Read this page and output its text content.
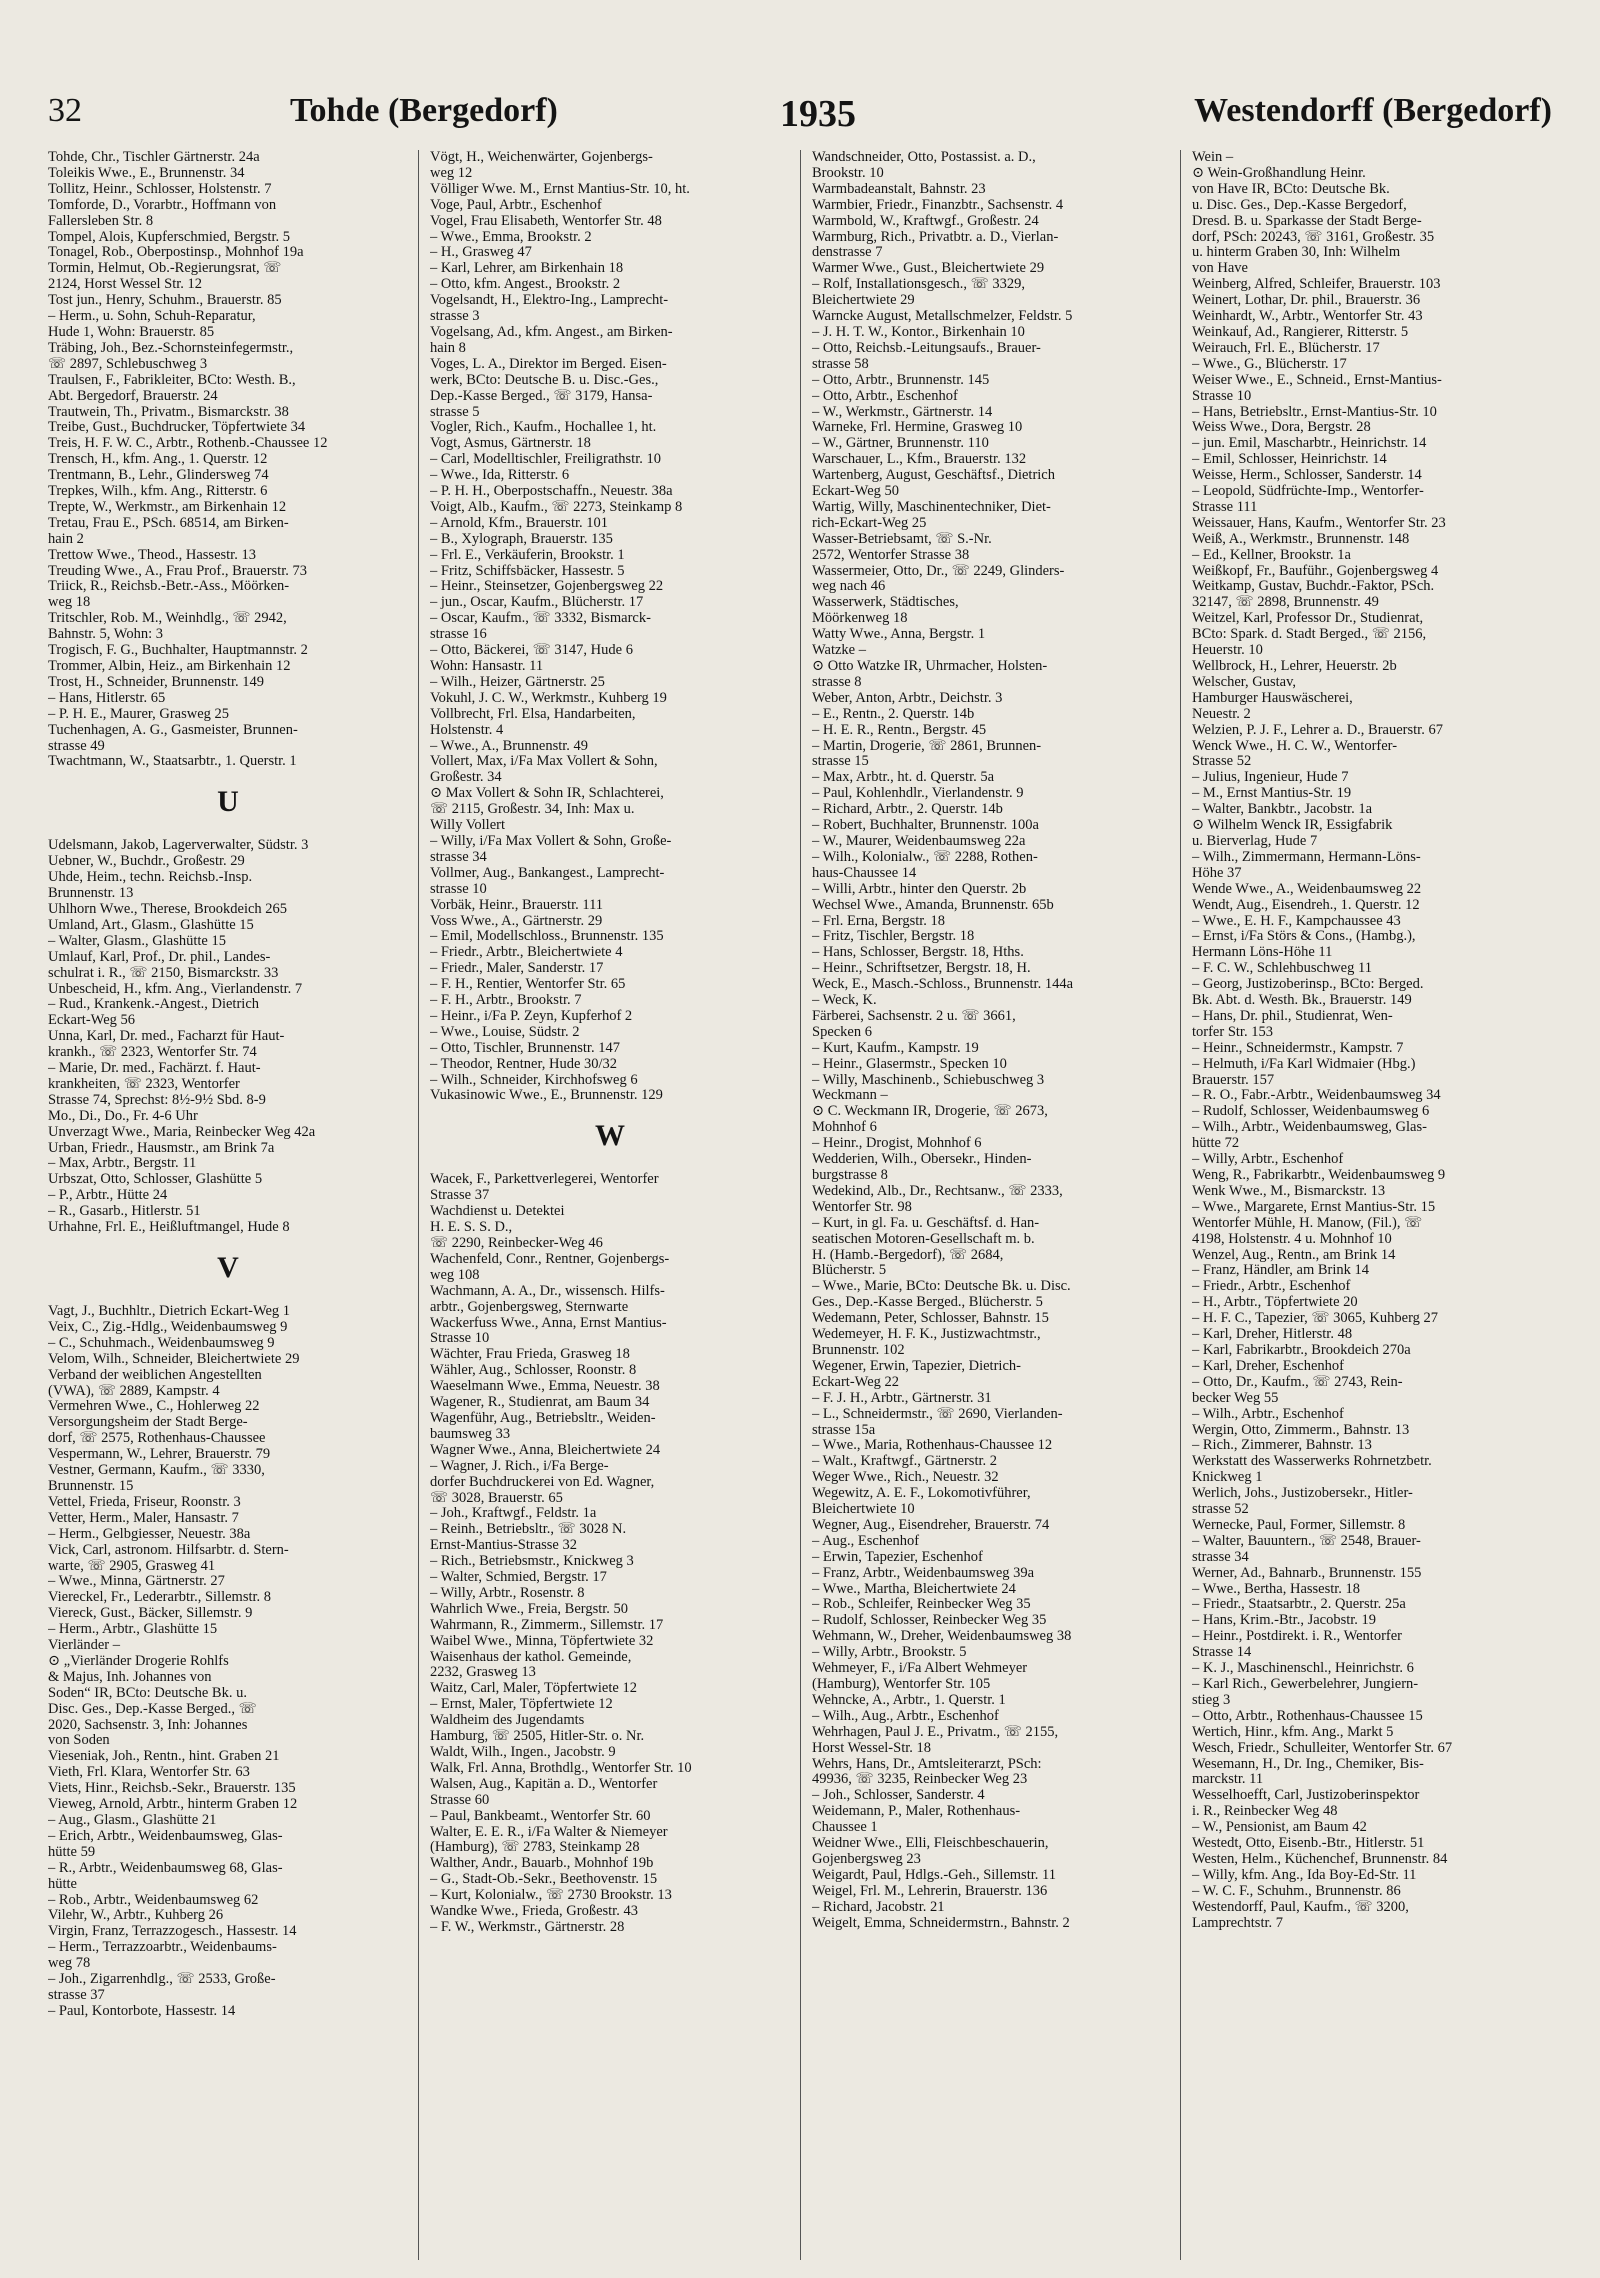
32	Tohde (Bergedorf)	1935	Westendorff (Bergedorf)
Tohde, Chr., Tischler Gärtnerstr. 24a
Toleikis Wwe., E., Brunnenstr. 34
Tollitz, Heinr., Schlosser, Holstenstr. 7
Tomforde, D., Vorarbtr., Hoffmann von
Fallersleben Str. 8
Tompel, Alois, Kupferschmied, Bergstr. 5
Tonagel, Rob., Oberpostinsp., Mohnhof 19a
Tormin, Helmut, Ob.-Regierungsrat, ☏
2124, Horst Wessel Str. 12
Tost jun., Henry, Schuhm., Brauerstr. 85
– Herm., u. Sohn, Schuh-Reparatur,
Hude 1, Wohn: Brauerstr. 85
Träbing, Joh., Bez.-Schornsteinfegermstr.,
☏ 2897, Schlebuschweg 3
Traulsen, F., Fabrikleiter, BCto: Westh. B.,
Abt. Bergedorf, Brauerstr. 24
Trautwein, Th., Privatm., Bismarckstr. 38
Treibe, Gust., Buchdrucker, Töpfertwiete 34
Treis, H. F. W. C., Arbtr., Rothenb.-Chaussee 12
Trensch, H., kfm. Ang., 1. Querstr. 12
Trentmann, B., Lehr., Glindersweg 74
Trepkes, Wilh., kfm. Ang., Ritterstr. 6
Trepte, W., Werkmstr., am Birkenhain 12
Tretau, Frau E., PSch. 68514, am Birken-
hain 2
Trettow Wwe., Theod., Hassestr. 13
Treuding Wwe., A., Frau Prof., Brauerstr. 73
Triick, R., Reichsb.-Betr.-Ass., Möörken-
weg 18
Tritschler, Rob. M., Weinhdlg., ☏ 2942,
Bahnstr. 5, Wohn: 3
Trogisch, F. G., Buchhalter, Hauptmannstr. 2
Trommer, Albin, Heiz., am Birkenhain 12
Trost, H., Schneider, Brunnenstr. 149
– Hans, Hitlerstr. 65
– P. H. E., Maurer, Grasweg 25
Tuchenhagen, A. G., Gasmeister, Brunnen-
strasse 49
Twachtmann, W., Staatsarbtr., 1. Querstr. 1
U
Udelsmann, Jakob, Lagerverwalter, Südstr. 3
Uebner, W., Buchdr., Großestr. 29
Uhde, Heim., techn. Reichsb.-Insp.
Brunnenstr. 13
Uhlhorn Wwe., Therese, Brookdeich 265
Umland, Art., Glasm., Glashütte 15
– Walter, Glasm., Glashütte 15
Umlauf, Karl, Prof., Dr. phil., Landes-
schulrat i. R., ☏ 2150, Bismarckstr. 33
Unbescheid, H., kfm. Ang., Vierlandenstr. 7
– Rud., Krankenk.-Angest., Dietrich
Eckart-Weg 56
Unna, Karl, Dr. med., Facharzt für Haut-
krankh., ☏ 2323, Wentorfer Str. 74
– Marie, Dr. med., Fachärzt. f. Haut-
krankheiten, ☏ 2323, Wentorfer
Strasse 74, Sprechst: 8½-9½ Sbd. 8-9
Mo., Di., Do., Fr. 4-6 Uhr
Unverzagt Wwe., Maria, Reinbecker Weg 42a
Urban, Friedr., Hausmstr., am Brink 7a
– Max, Arbtr., Bergstr. 11
Urbszat, Otto, Schlosser, Glashütte 5
– P., Arbtr., Hütte 24
– R., Gasarb., Hitlerstr. 51
Urhahne, Frl. E., Heißluftmangel, Hude 8
V
Vagt, J., Buchhltr., Dietrich Eckart-Weg 1
Veix, C., Zig.-Hdlg., Weidenbaumsweg 9
– C., Schuhmach., Weidenbaumsweg 9
Velom, Wilh., Schneider, Bleichertwiete 29
Verband der weiblichen Angestellten
(VWA), ☏ 2889, Kampstr. 4
Vermehren Wwe., C., Hohlerweg 22
Versorgungsheim der Stadt Berge-
dorf, ☏ 2575, Rothenhaus-Chaussee
Vespermann, W., Lehrer, Brauerstr. 79
Vestner, Germann, Kaufm., ☏ 3330,
Brunnenstr. 15
Vettel, Frieda, Friseur, Roonstr. 3
Vetter, Herm., Maler, Hansastr. 7
– Herm., Gelbgiesser, Neuestr. 38a
Vick, Carl, astronom. Hilfsarbtr. d. Stern-
warte, ☏ 2905, Grasweg 41
– Wwe., Minna, Gärtnerstr. 27
Viereckel, Fr., Lederarbtr., Sillemstr. 8
Viereck, Gust., Bäcker, Sillemstr. 9
– Herm., Arbtr., Glashütte 15
Vierländer –
⊙ „Vierländer Drogerie Rohlfs
& Majus, Inh. Johannes von
Soden“ IR, BCto: Deutsche Bk. u.
Disc. Ges., Dep.-Kasse Berged., ☏
2020, Sachsenstr. 3, Inh: Johannes
von Soden
Vieseniak, Joh., Rentn., hint. Graben 21
Vieth, Frl. Klara, Wentorfer Str. 63
Viets, Hinr., Reichsb.-Sekr., Brauerstr. 135
Vieweg, Arnold, Arbtr., hinterm Graben 12
– Aug., Glasm., Glashütte 21
– Erich, Arbtr., Weidenbaumsweg, Glas-
hütte 59
– R., Arbtr., Weidenbaumsweg 68, Glas-
hütte
– Rob., Arbtr., Weidenbaumsweg 62
Vilehr, W., Arbtr., Kuhberg 26
Virgin, Franz, Terrazzogesch., Hassestr. 14
– Herm., Terrazzoarbtr., Weidenbaums-
weg 78
– Joh., Zigarrenhdlg., ☏ 2533, Große-
strasse 37
– Paul, Kontorbote, Hassestr. 14
Vögt, H., Weichenwärter, Gojenbergs-
weg 12
Völliger Wwe. M., Ernst Mantius-Str. 10, ht.
Voge, Paul, Arbtr., Eschenhof
Vogel, Frau Elisabeth, Wentorfer Str. 48
– Wwe., Emma, Brookstr. 2
– H., Grasweg 47
– Karl, Lehrer, am Birkenhain 18
– Otto, kfm. Angest., Brookstr. 2
Vogelsandt, H., Elektro-Ing., Lamprecht-
strasse 3
Vogelsang, Ad., kfm. Angest., am Birken-
hain 8
Voges, L. A., Direktor im Berged. Eisen-
werk, BCto: Deutsche B. u. Disc.-Ges.,
Dep.-Kasse Berged., ☏ 3179, Hansa-
strasse 5
Vogler, Rich., Kaufm., Hochallee 1, ht.
Vogt, Asmus, Gärtnerstr. 18
– Carl, Modelltischler, Freiligrathstr. 10
– Wwe., Ida, Ritterstr. 6
– P. H. H., Oberpostschaffn., Neuestr. 38a
Voigt, Alb., Kaufm., ☏ 2273, Steinkamp 8
– Arnold, Kfm., Brauerstr. 101
– B., Xylograph, Brauerstr. 135
– Frl. E., Verkäuferin, Brookstr. 1
– Fritz, Schiffsbäcker, Hassestr. 5
– Heinr., Steinsetzer, Gojenbergsweg 22
– jun., Oscar, Kaufm., Blücherstr. 17
– Oscar, Kaufm., ☏ 3332, Bismarck-
strasse 16
– Otto, Bäckerei, ☏ 3147, Hude 6
Wohn: Hansastr. 11
– Wilh., Heizer, Gärtnerstr. 25
Vokuhl, J. C. W., Werkmstr., Kuhberg 19
Vollbrecht, Frl. Elsa, Handarbeiten,
Holstenstr. 4
– Wwe., A., Brunnenstr. 49
Vollert, Max, i/Fa Max Vollert & Sohn,
Großestr. 34
⊙ Max Vollert & Sohn IR, Schlachterei,
☏ 2115, Großestr. 34, Inh: Max u.
Willy Vollert
– Willy, i/Fa Max Vollert & Sohn, Große-
strasse 34
Vollmer, Aug., Bankangest., Lamprecht-
strasse 10
Vorbäk, Heinr., Brauerstr. 111
Voss Wwe., A., Gärtnerstr. 29
– Emil, Modellschloss., Brunnenstr. 135
– Friedr., Arbtr., Bleichertwiete 4
– Friedr., Maler, Sanderstr. 17
– F. H., Rentier, Wentorfer Str. 65
– F. H., Arbtr., Brookstr. 7
– Heinr., i/Fa P. Zeyn, Kupferhof 2
– Wwe., Louise, Südstr. 2
– Otto, Tischler, Brunnenstr. 147
– Theodor, Rentner, Hude 30/32
– Wilh., Schneider, Kirchhofsweg 6
Vukasinowic Wwe., E., Brunnenstr. 129
W
Wacek, F., Parkettverlegerei, Wentorfer
Strasse 37
Wachdienst u. Detektei
H. E. S. S. D.,
☏ 2290, Reinbecker-Weg 46
Wachenfeld, Conr., Rentner, Gojenbergs-
weg 108
Wachmann, A. A., Dr., wissensch. Hilfs-
arbtr., Gojenbergsweg, Sternwarte
Wackerfuss Wwe., Anna, Ernst Mantius-
Strasse 10
Wächter, Frau Frieda, Grasweg 18
Wähler, Aug., Schlosser, Roonstr. 8
Waeselmann Wwe., Emma, Neuestr. 38
Wagener, R., Studienrat, am Baum 34
Wagenführ, Aug., Betriebsltr., Weiden-
baumsweg 33
Wagner Wwe., Anna, Bleichertwiete 24
– Wagner, J. Rich., i/Fa Berge-
dorfer Buchdruckerei von Ed. Wagner,
☏ 3028, Brauerstr. 65
– Joh., Kraftwgf., Feldstr. 1a
– Reinh., Betriebsltr., ☏ 3028 N.
Ernst-Mantius-Strasse 32
– Rich., Betriebsmstr., Knickweg 3
– Walter, Schmied, Bergstr. 17
– Willy, Arbtr., Rosenstr. 8
Wahrlich Wwe., Freia, Bergstr. 50
Wahrmann, R., Zimmerm., Sillemstr. 17
Waibel Wwe., Minna, Töpfertwiete 32
Waisenhaus der kathol. Gemeinde,
2232, Grasweg 13
Waitz, Carl, Maler, Töpfertwiete 12
– Ernst, Maler, Töpfertwiete 12
Waldheim des Jugendamts
Hamburg, ☏ 2505, Hitler-Str. o. Nr.
Waldt, Wilh., Ingen., Jacobstr. 9
Walk, Frl. Anna, Brothdlg., Wentorfer Str. 10
Walsen, Aug., Kapitän a. D., Wentorfer
Strasse 60
– Paul, Bankbeamt., Wentorfer Str. 60
Walter, E. E. R., i/Fa Walter & Niemeyer
(Hamburg), ☏ 2783, Steinkamp 28
Walther, Andr., Bauarb., Mohnhof 19b
– G., Stadt-Ob.-Sekr., Beethovenstr. 15
– Kurt, Kolonialw., ☏ 2730 Brookstr. 13
Wandke Wwe., Frieda, Großestr. 43
– F. W., Werkmstr., Gärtnerstr. 28
Wandschneider, Otto, Postassist. a. D.,
Brookstr. 10
Warmbadeanstalt, Bahnstr. 23
Warmbier, Friedr., Finanzbtr., Sachsenstr. 4
Warmbold, W., Kraftwgf., Großestr. 24
Warmburg, Rich., Privatbtr. a. D., Vierlan-
denstrasse 7
Warmer Wwe., Gust., Bleichertwiete 29
– Rolf, Installationsgesch., ☏ 3329,
Bleichertwiete 29
Warncke August, Metallschmelzer, Feldstr. 5
– J. H. T. W., Kontor., Birkenhain 10
– Otto, Reichsb.-Leitungsaufs., Brauer-
strasse 58
– Otto, Arbtr., Brunnenstr. 145
– Otto, Arbtr., Eschenhof
– W., Werkmstr., Gärtnerstr. 14
Warneke, Frl. Hermine, Grasweg 10
– W., Gärtner, Brunnenstr. 110
Warschauer, L., Kfm., Brauerstr. 132
Wartenberg, August, Geschäftsf., Dietrich
Eckart-Weg 50
Wartig, Willy, Maschinentechniker, Diet-
rich-Eckart-Weg 25
Wasser-Betriebsamt, ☏ S.-Nr.
2572, Wentorfer Strasse 38
Wassermeier, Otto, Dr., ☏ 2249, Glinders-
weg nach 46
Wasserwerk, Städtisches,
Möörkenweg 18
Watty Wwe., Anna, Bergstr. 1
Watzke –
⊙ Otto Watzke IR, Uhrmacher, Holsten-
strasse 8
Weber, Anton, Arbtr., Deichstr. 3
– E., Rentn., 2. Querstr. 14b
– H. E. R., Rentn., Bergstr. 45
– Martin, Drogerie, ☏ 2861, Brunnen-
strasse 15
– Max, Arbtr., ht. d. Querstr. 5a
– Paul, Kohlenhdlr., Vierlandenstr. 9
– Richard, Arbtr., 2. Querstr. 14b
– Robert, Buchhalter, Brunnenstr. 100a
– W., Maurer, Weidenbaumsweg 22a
– Wilh., Kolonialw., ☏ 2288, Rothen-
haus-Chaussee 14
– Willi, Arbtr., hinter den Querstr. 2b
Wechsel Wwe., Amanda, Brunnenstr. 65b
– Frl. Erna, Bergstr. 18
– Fritz, Tischler, Bergstr. 18
– Hans, Schlosser, Bergstr. 18, Hths.
– Heinr., Schriftsetzer, Bergstr. 18, H.
Weck, E., Masch.-Schloss., Brunnenstr. 144a
– Weck, K.
Färberei, Sachsenstr. 2 u. ☏ 3661,
Specken 6
– Kurt, Kaufm., Kampstr. 19
– Heinr., Glasermstr., Specken 10
– Willy, Maschinenb., Schiebuschweg 3
Weckmann –
⊙ C. Weckmann IR, Drogerie, ☏ 2673,
Mohnhof 6
– Heinr., Drogist, Mohnhof 6
Wedderien, Wilh., Obersekr., Hinden-
burgstrasse 8
Wedekind, Alb., Dr., Rechtsanw., ☏ 2333,
Wentorfer Str. 98
– Kurt, in gl. Fa. u. Geschäftsf. d. Han-
seatischen Motoren-Gesellschaft m. b.
H. (Hamb.-Bergedorf), ☏ 2684,
Blücherstr. 5
– Wwe., Marie, BCto: Deutsche Bk. u. Disc.
Ges., Dep.-Kasse Berged., Blücherstr. 5
Wedemann, Peter, Schlosser, Bahnstr. 15
Wedemeyer, H. F. K., Justizwachtmstr.,
Brunnenstr. 102
Wegener, Erwin, Tapezier, Dietrich-
Eckart-Weg 22
– F. J. H., Arbtr., Gärtnerstr. 31
– L., Schneidermstr., ☏ 2690, Vierlanden-
strasse 15a
– Wwe., Maria, Rothenhaus-Chaussee 12
– Walt., Kraftwgf., Gärtnerstr. 2
Weger Wwe., Rich., Neuestr. 32
Wegewitz, A. E. F., Lokomotivführer,
Bleichertwiete 10
Wegner, Aug., Eisendreher, Brauerstr. 74
– Aug., Eschenhof
– Erwin, Tapezier, Eschenhof
– Franz, Arbtr., Weidenbaumsweg 39a
– Wwe., Martha, Bleichertwiete 24
– Rob., Schleifer, Reinbecker Weg 35
– Rudolf, Schlosser, Reinbecker Weg 35
Wehmann, W., Dreher, Weidenbaumsweg 38
– Willy, Arbtr., Brookstr. 5
Wehmeyer, F., i/Fa Albert Wehmeyer
(Hamburg), Wentorfer Str. 105
Wehncke, A., Arbtr., 1. Querstr. 1
– Wilh., Aug., Arbtr., Eschenhof
Wehrhagen, Paul J. E., Privatm., ☏ 2155,
Horst Wessel-Str. 18
Wehrs, Hans, Dr., Amtsleiterarzt, PSch:
49936, ☏ 3235, Reinbecker Weg 23
– Joh., Schlosser, Sanderstr. 4
Weidemann, P., Maler, Rothenhaus-
Chaussee 1
Weidner Wwe., Elli, Fleischbeschauerin,
Gojenbergsweg 23
Weigardt, Paul, Hdlgs.-Geh., Sillemstr. 11
Weigel, Frl. M., Lehrerin, Brauerstr. 136
– Richard, Jacobstr. 21
Weigelt, Emma, Schneidermstrn., Bahnstr. 2
Wein –
⊙ Wein-Großhandlung Heinr.
von Have IR, BCto: Deutsche Bk.
u. Disc. Ges., Dep.-Kasse Bergedorf,
Dresd. B. u. Sparkasse der Stadt Berge-
dorf, PSch: 20243, ☏ 3161, Großestr. 35
u. hinterm Graben 30, Inh: Wilhelm
von Have
Weinberg, Alfred, Schleifer, Brauerstr. 103
Weinert, Lothar, Dr. phil., Brauerstr. 36
Weinhardt, W., Arbtr., Wentorfer Str. 43
Weinkauf, Ad., Rangierer, Ritterstr. 5
Weirauch, Frl. E., Blücherstr. 17
– Wwe., G., Blücherstr. 17
Weiser Wwe., E., Schneid., Ernst-Mantius-
Strasse 10
– Hans, Betriebsltr., Ernst-Mantius-Str. 10
Weiss Wwe., Dora, Bergstr. 28
– jun. Emil, Mascharbtr., Heinrichstr. 14
– Emil, Schlosser, Heinrichstr. 14
Weisse, Herm., Schlosser, Sanderstr. 14
– Leopold, Südfrüchte-Imp., Wentorfer-
Strasse 111
Weissauer, Hans, Kaufm., Wentorfer Str. 23
Weiß, A., Werkmstr., Brunnenstr. 148
– Ed., Kellner, Brookstr. 1a
Weißkopf, Fr., Bauführ., Gojenbergsweg 4
Weitkamp, Gustav, Buchdr.-Faktor, PSch.
32147, ☏ 2898, Brunnenstr. 49
Weitzel, Karl, Professor Dr., Studienrat,
BCto: Spark. d. Stadt Berged., ☏ 2156,
Heuerstr. 10
Wellbrock, H., Lehrer, Heuerstr. 2b
Welscher, Gustav,
Hamburger Hauswäscherei,
Neuestr. 2
Welzien, P. J. F., Lehrer a. D., Brauerstr. 67
Wenck Wwe., H. C. W., Wentorfer-
Strasse 52
– Julius, Ingenieur, Hude 7
– M., Ernst Mantius-Str. 19
– Walter, Bankbtr., Jacobstr. 1a
⊙ Wilhelm Wenck IR, Essigfabrik
u. Bierverlag, Hude 7
– Wilh., Zimmermann, Hermann-Löns-
Höhe 37
Wende Wwe., A., Weidenbaumsweg 22
Wendt, Aug., Eisendreh., 1. Querstr. 12
– Wwe., E. H. F., Kampchaussee 43
– Ernst, i/Fa Störs & Cons., (Hambg.),
Hermann Löns-Höhe 11
– F. C. W., Schlehbuschweg 11
– Georg, Justizoberinsp., BCto: Berged.
Bk. Abt. d. Westh. Bk., Brauerstr. 149
– Hans, Dr. phil., Studienrat, Wen-
torfer Str. 153
– Heinr., Schneidermstr., Kampstr. 7
– Helmuth, i/Fa Karl Widmaier (Hbg.)
Brauerstr. 157
– R. O., Fabr.-Arbtr., Weidenbaumsweg 34
– Rudolf, Schlosser, Weidenbaumsweg 6
– Wilh., Arbtr., Weidenbaumsweg, Glas-
hütte 72
– Willy, Arbtr., Eschenhof
Weng, R., Fabrikarbtr., Weidenbaumsweg 9
Wenk Wwe., M., Bismarckstr. 13
– Wwe., Margarete, Ernst Mantius-Str. 15
Wentorfer Mühle, H. Manow, (Fil.), ☏
4198, Holstenstr. 4 u. Mohnhof 10
Wenzel, Aug., Rentn., am Brink 14
– Franz, Händler, am Brink 14
– Friedr., Arbtr., Eschenhof
– H., Arbtr., Töpfertwiete 20
– H. F. C., Tapezier, ☏ 3065, Kuhberg 27
– Karl, Dreher, Hitlerstr. 48
– Karl, Fabrikarbtr., Brookdeich 270a
– Karl, Dreher, Eschenhof
– Otto, Dr., Kaufm., ☏ 2743, Rein-
becker Weg 55
– Wilh., Arbtr., Eschenhof
Wergin, Otto, Zimmerm., Bahnstr. 13
– Rich., Zimmerer, Bahnstr. 13
Werkstatt des Wasserwerks Rohrnetzbetr.
Knickweg 1
Werlich, Johs., Justizobersekr., Hitler-
strasse 52
Wernecke, Paul, Former, Sillemstr. 8
– Walter, Bauuntern., ☏ 2548, Brauer-
strasse 34
Werner, Ad., Bahnarb., Brunnenstr. 155
– Wwe., Bertha, Hassestr. 18
– Friedr., Staatsarbtr., 2. Querstr. 25a
– Hans, Krim.-Btr., Jacobstr. 19
– Heinr., Postdirekt. i. R., Wentorfer
Strasse 14
– K. J., Maschinenschl., Heinrichstr. 6
– Karl Rich., Gewerbelehrer, Jungiern-
stieg 3
– Otto, Arbtr., Rothenhaus-Chaussee 15
Wertich, Hinr., kfm. Ang., Markt 5
Wesch, Friedr., Schulleiter, Wentorfer Str. 67
Wesemann, H., Dr. Ing., Chemiker, Bis-
marckstr. 11
Wesselhoefft, Carl, Justizoberinspektor
i. R., Reinbecker Weg 48
– W., Pensionist, am Baum 42
Westedt, Otto, Eisenb.-Btr., Hitlerstr. 51
Westen, Helm., Küchenchef, Brunnenstr. 84
– Willy, kfm. Ang., Ida Boy-Ed-Str. 11
– W. C. F., Schuhm., Brunnenstr. 86
Westendorff, Paul, Kaufm., ☏ 3200,
Lamprechtstr. 7
